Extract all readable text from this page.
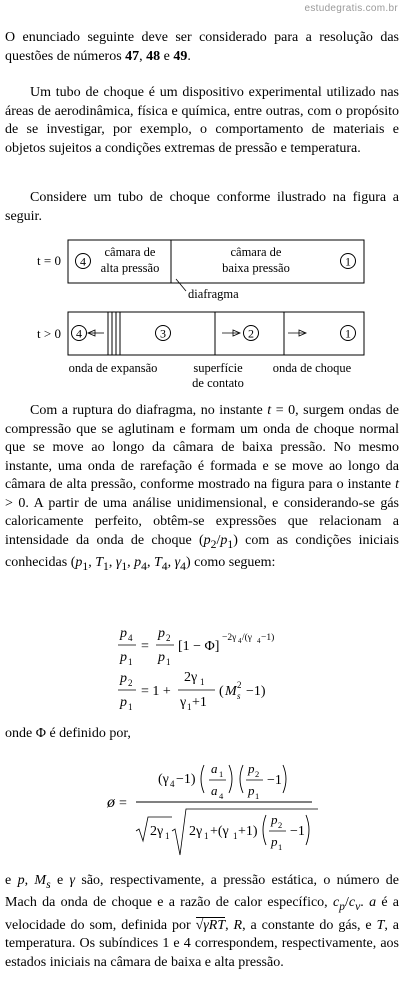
estudegratis.com.br

O enunciado seguinte deve ser considerado para a resolução das questões de números 47, 48 e 49.

Um tubo de choque é um dispositivo experimental utilizado nas áreas de aerodinâmica, física e química, entre outras, com o propósito de se investigar, por exemplo, o comportamento de materiais e objetos sujeitos a condições extremas de pressão e temperatura.

Considere um tubo de choque conforme ilustrado na figura a seguir.

t = 0 4	1
câmara de
alta pressão
câmara de
baixa pressão
diafragma
t > 0 4	3	2	1
onda de expansão	superfície
de contato
onda de choque

Com a ruptura do diafragma, no instante t = 0, surgem ondas de compressão que se aglutinam e formam um onda de choque normal que se move ao longo da câmara de baixa pressão. No mesmo instante, uma onda de rarefação é formada e se move ao longo da câmara de alta pressão, conforme mostrado na figura para o instante t > 0. A partir de uma análise unidimensional, e considerando-se gás caloricamente perfeito, obtêm-se expressões que relacionam a intensidade da onda de choque $(p_2/p_1)$ com as condições iniciais conhecidas ($p_1$, $T_1$, $\gamma_1$, $p_4$, $T_4$, $\gamma_4$) como seguem:

p 4
p 1
=
p 2
p 1
[1 − Φ]
−2γ 4 /(γ 4 −1)
p 2
p 1
= 1 +
2γ 1
γ 1 +1
( M s
2 −1)

onde Φ é definido por,

ø =
(γ 4 −1)
a 1
a 4
p 2
p 1
−1
2γ 1 2γ 1 +(γ 1 +1)
p 2
p 1
−1

e p, $M_s$ e γ são, respectivamente, a pressão estática, o número de Mach da onda de choque e a razão de calor específico, $c_p/c_v$. a é a velocidade do som, definida por √γRT, R, a constante do gás, e T, a temperatura. Os subíndices 1 e 4 correspondem, respectivamente, aos estados iniciais na câmara de baixa e alta pressão.
